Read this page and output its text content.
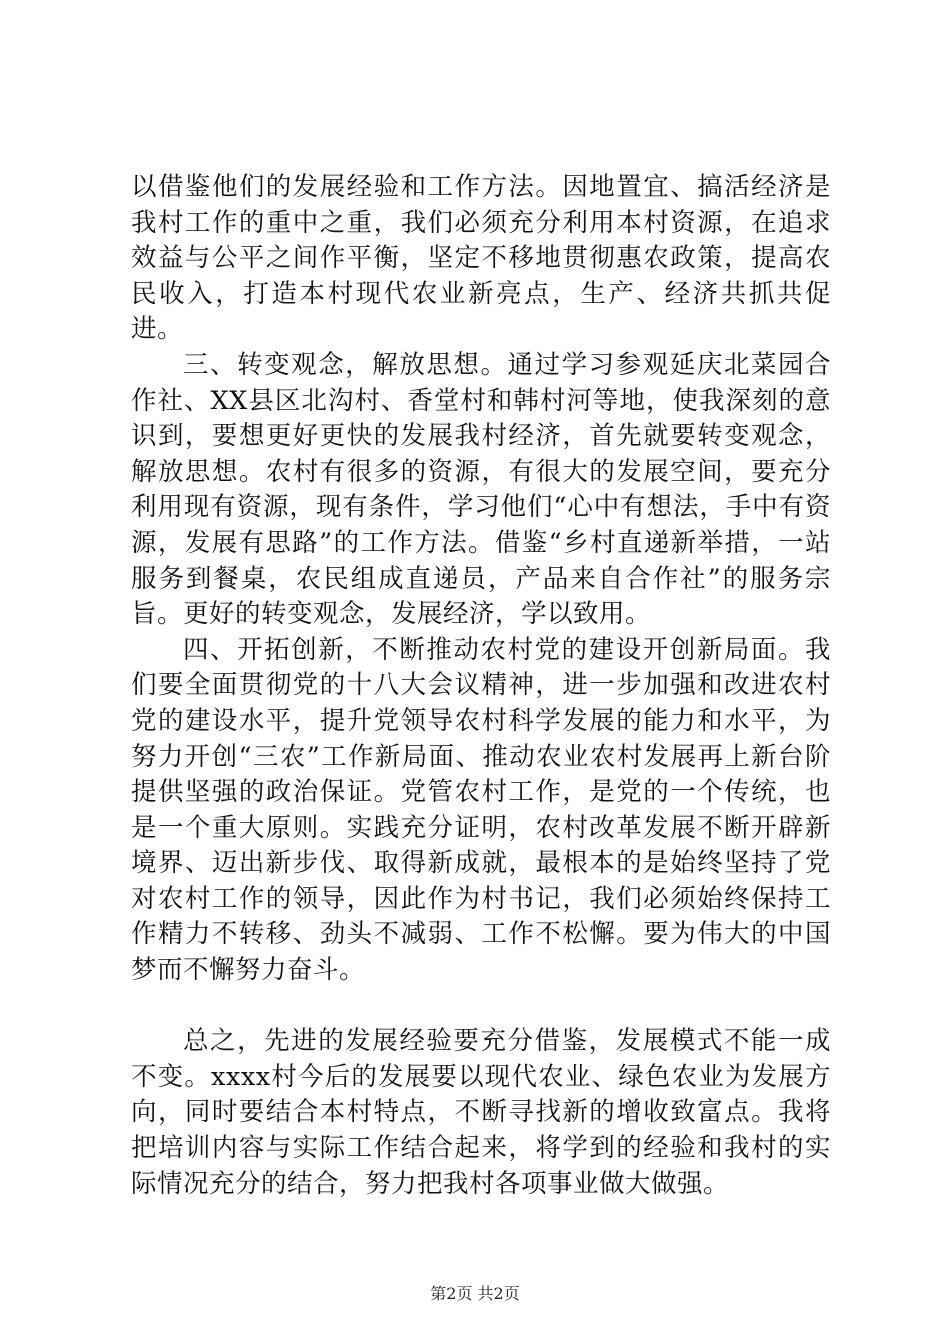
以借鉴他们的发展经验和工作方法。因地置宜、搞活经济是我村工作的重中之重，我们必须充分利用本村资源，在追求效益与公平之间作平衡，坚定不移地贯彻惠农政策，提高农民收入，打造本村现代农业新亮点，生产、经济共抓共促进。

三、转变观念，解放思想。通过学习参观延庆北菜园合作社、XX县区北沟村、香堂村和韩村河等地，使我深刻的意识到，要想更好更快的发展我村经济，首先就要转变观念，解放思想。农村有很多的资源，有很大的发展空间，要充分利用现有资源，现有条件，学习他们“心中有想法，手中有资源，发展有思路”的工作方法。借鉴“乡村直递新举措，一站服务到餐桌，农民组成直递员，产品来自合作社”的服务宗旨。更好的转变观念，发展经济，学以致用。

四、开拓创新，不断推动农村党的建设开创新局面。我们要全面贯彻党的十八大会议精神，进一步加强和改进农村党的建设水平，提升党领导农村科学发展的能力和水平，为努力开创“三农”工作新局面、推动农业农村发展再上新台阶提供坚强的政治保证。党管农村工作，是党的一个传统，也是一个重大原则。实践充分证明，农村改革发展不断开辟新境界、迈出新步伐、取得新成就，最根本的是始终坚持了党对农村工作的领导，因此作为村书记，我们必须始终保持工作精力不转移、劲头不减弱、工作不松懈。要为伟大的中国梦而不懈努力奋斗。

总之，先进的发展经验要充分借鉴，发展模式不能一成不变。xxxx村今后的发展要以现代农业、绿色农业为发展方向，同时要结合本村特点，不断寻找新的增收致富点。我将把培训内容与实际工作结合起来，将学到的经验和我村的实际情况充分的结合，努力把我村各项事业做大做强。

第2页 共2页
